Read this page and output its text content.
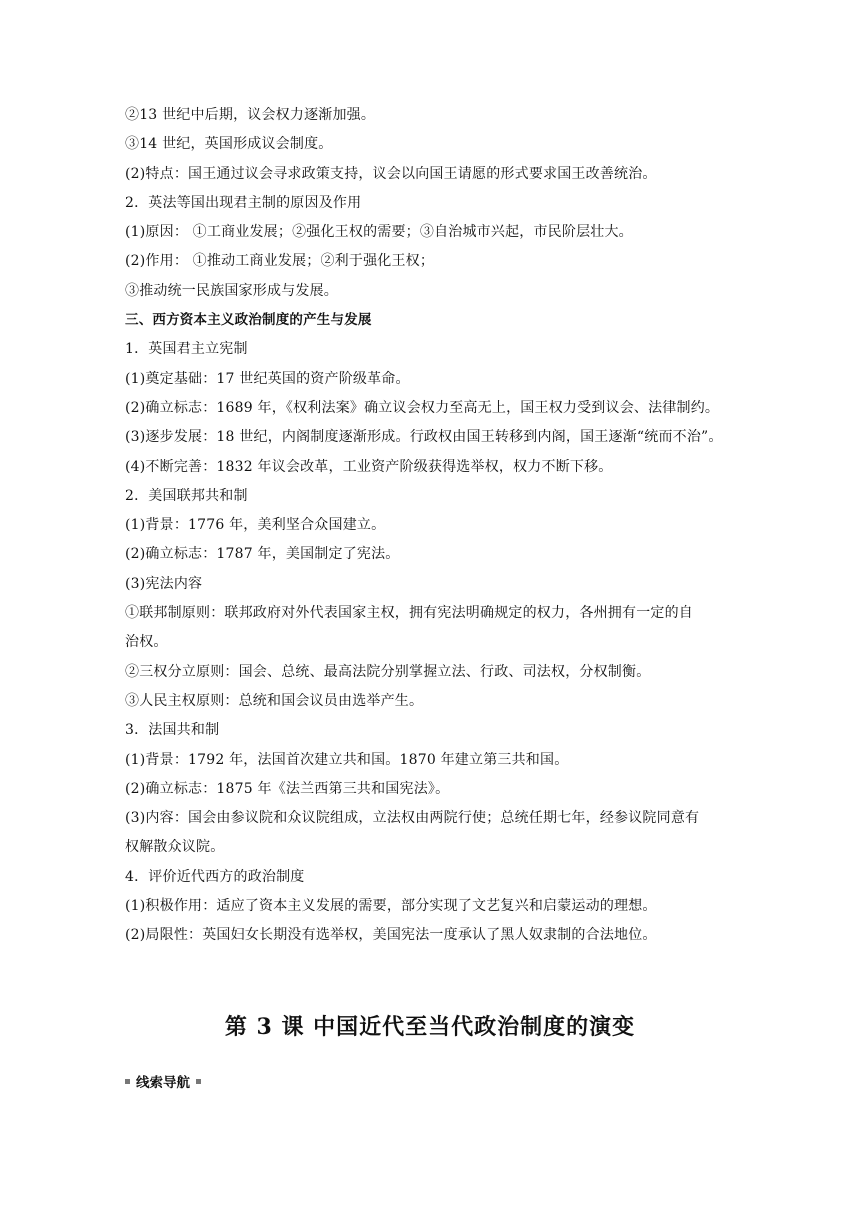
②13 世纪中后期，议会权力逐渐加强。
③14 世纪，英国形成议会制度。
(2)特点：国王通过议会寻求政策支持，议会以向国王请愿的形式要求国王改善统治。
2．英法等国出现君主制的原因及作用
(1)原因： ①工商业发展；②强化王权的需要；③自治城市兴起，市民阶层壮大。
(2)作用： ①推动工商业发展；②利于强化王权；
③推动统一民族国家形成与发展。
三、西方资本主义政治制度的产生与发展
1．英国君主立宪制
(1)奠定基础：17 世纪英国的资产阶级革命。
(2)确立标志：1689 年，《权利法案》确立议会权力至高无上，国王权力受到议会、法律制约。
(3)逐步发展：18 世纪，内阁制度逐渐形成。行政权由国王转移到内阁，国王逐渐“统而不治”。
(4)不断完善：1832 年议会改革，工业资产阶级获得选举权，权力不断下移。
2．美国联邦共和制
(1)背景：1776 年，美利坚合众国建立。
(2)确立标志：1787 年，美国制定了宪法。
(3)宪法内容
①联邦制原则：联邦政府对外代表国家主权，拥有宪法明确规定的权力，各州拥有一定的自
治权。
②三权分立原则：国会、总统、最高法院分别掌握立法、行政、司法权，分权制衡。
③人民主权原则：总统和国会议员由选举产生。
3．法国共和制
(1)背景：1792 年，法国首次建立共和国。1870 年建立第三共和国。
(2)确立标志：1875 年《法兰西第三共和国宪法》。
(3)内容：国会由参议院和众议院组成，立法权由两院行使；总统任期七年，经参议院同意有
权解散众议院。
4．评价近代西方的政治制度
(1)积极作用：适应了资本主义发展的需要，部分实现了文艺复兴和启蒙运动的理想。
(2)局限性：英国妇女长期没有选举权，美国宪法一度承认了黑人奴隶制的合法地位。
第 3 课 中国近代至当代政治制度的演变
线索导航
